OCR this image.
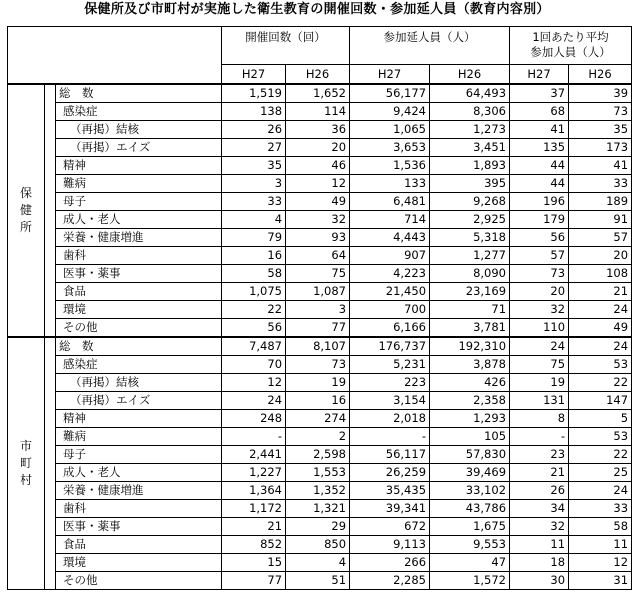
保健所及び市町村が実施した衛生教育の開催回数・参加延人員（教育内容別）
			開催回数（回）		参加延人員（人）		1回あたり平均
参加人員（人）	
			H27	H26	H27	H26	H27	H26
保
健
所		総　数	1,519	1,652	56,177	64,493	37	39
		感染症	138	114	9,424	8,306	68	73
		（再掲）結核	26	36	1,065	1,273	41	35
		（再掲）エイズ	27	20	3,653	3,451	135	173
		精神	35	46	1,536	1,893	44	41
		難病	3	12	133	395	44	33
		母子	33	49	6,481	9,268	196	189
		成人・老人	4	32	714	2,925	179	91
		栄養・健康増進	79	93	4,443	5,318	56	57
		歯科	16	64	907	1,277	57	20
		医事・薬事	58	75	4,223	8,090	73	108
		食品	1,075	1,087	21,450	23,169	20	21
		環境	22	3	700	71	32	24
		その他	56	77	6,166	3,781	110	49
市
町
村		総　数	7,487	8,107	176,737	192,310	24	24
		感染症	70	73	5,231	3,878	75	53
		（再掲）結核	12	19	223	426	19	22
		（再掲）エイズ	24	16	3,154	2,358	131	147
		精神	248	274	2,018	1,293	8	5
		難病	-	2	-	105	-	53
		母子	2,441	2,598	56,117	57,830	23	22
		成人・老人	1,227	1,553	26,259	39,469	21	25
		栄養・健康増進	1,364	1,352	35,435	33,102	26	24
		歯科	1,172	1,321	39,341	43,786	34	33
		医事・薬事	21	29	672	1,675	32	58
		食品	852	850	9,113	9,553	11	11
		環境	15	4	266	47	18	12
		その他	77	51	2,285	1,572	30	31
